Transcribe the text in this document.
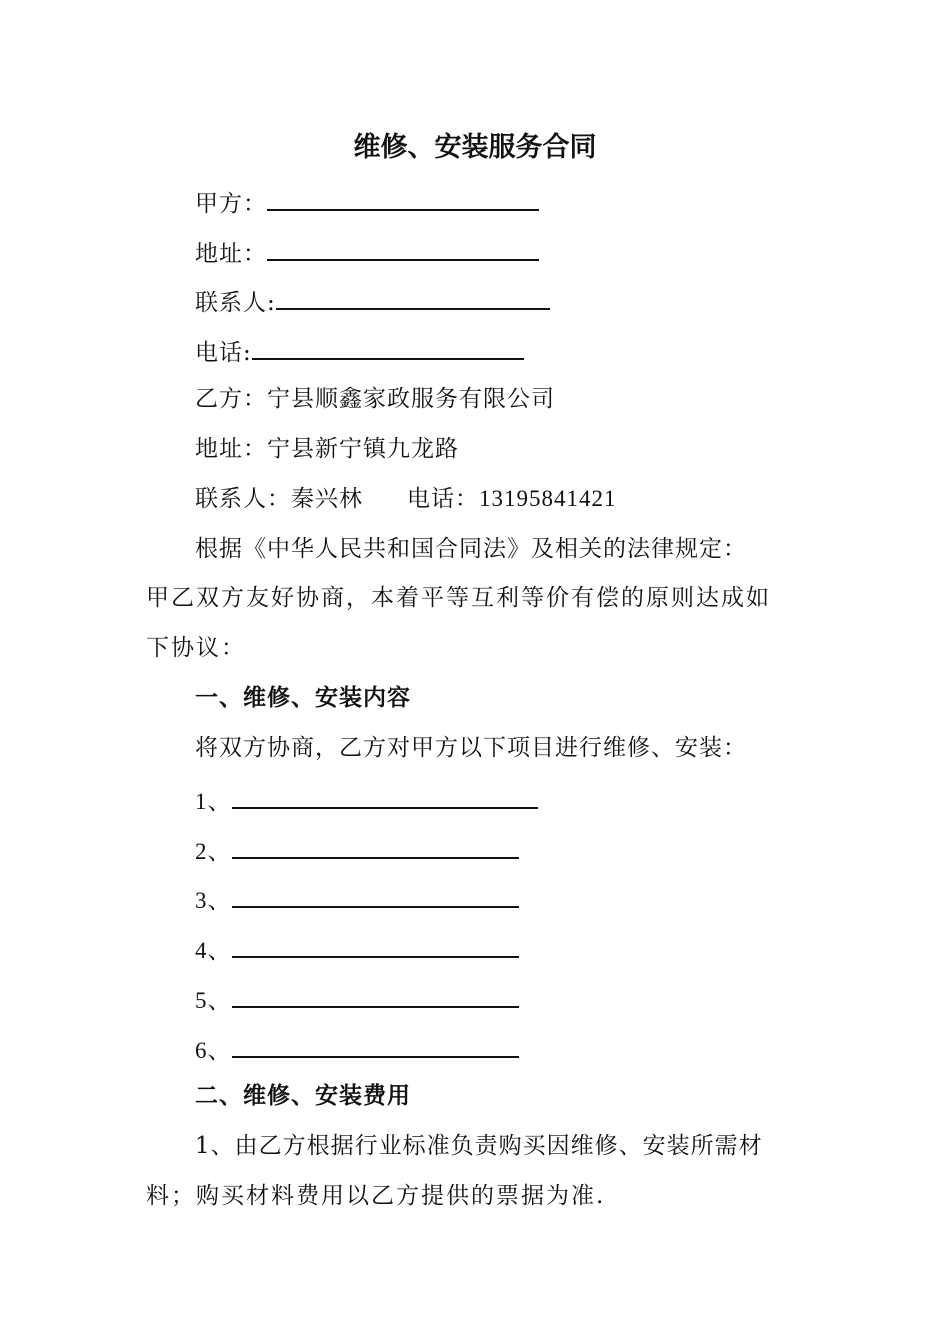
维修、安装服务合同
甲方：
地址：
联系人:
电话:
乙方：宁县顺鑫家政服务有限公司
地址：宁县新宁镇九龙路
联系人：秦兴林 电话：13195841421
根据《中华人民共和国合同法》及相关的法律规定：
甲乙双方友好协商，本着平等互利等价有偿的原则达成如
下协议：
一、维修、安装内容
将双方协商，乙方对甲方以下项目进行维修、安装：
1、
2、
3、
4、
5、
6、
二、维修、安装费用
1、由乙方根据行业标准负责购买因维修、安装所需材
料；购买材料费用以乙方提供的票据为准.
